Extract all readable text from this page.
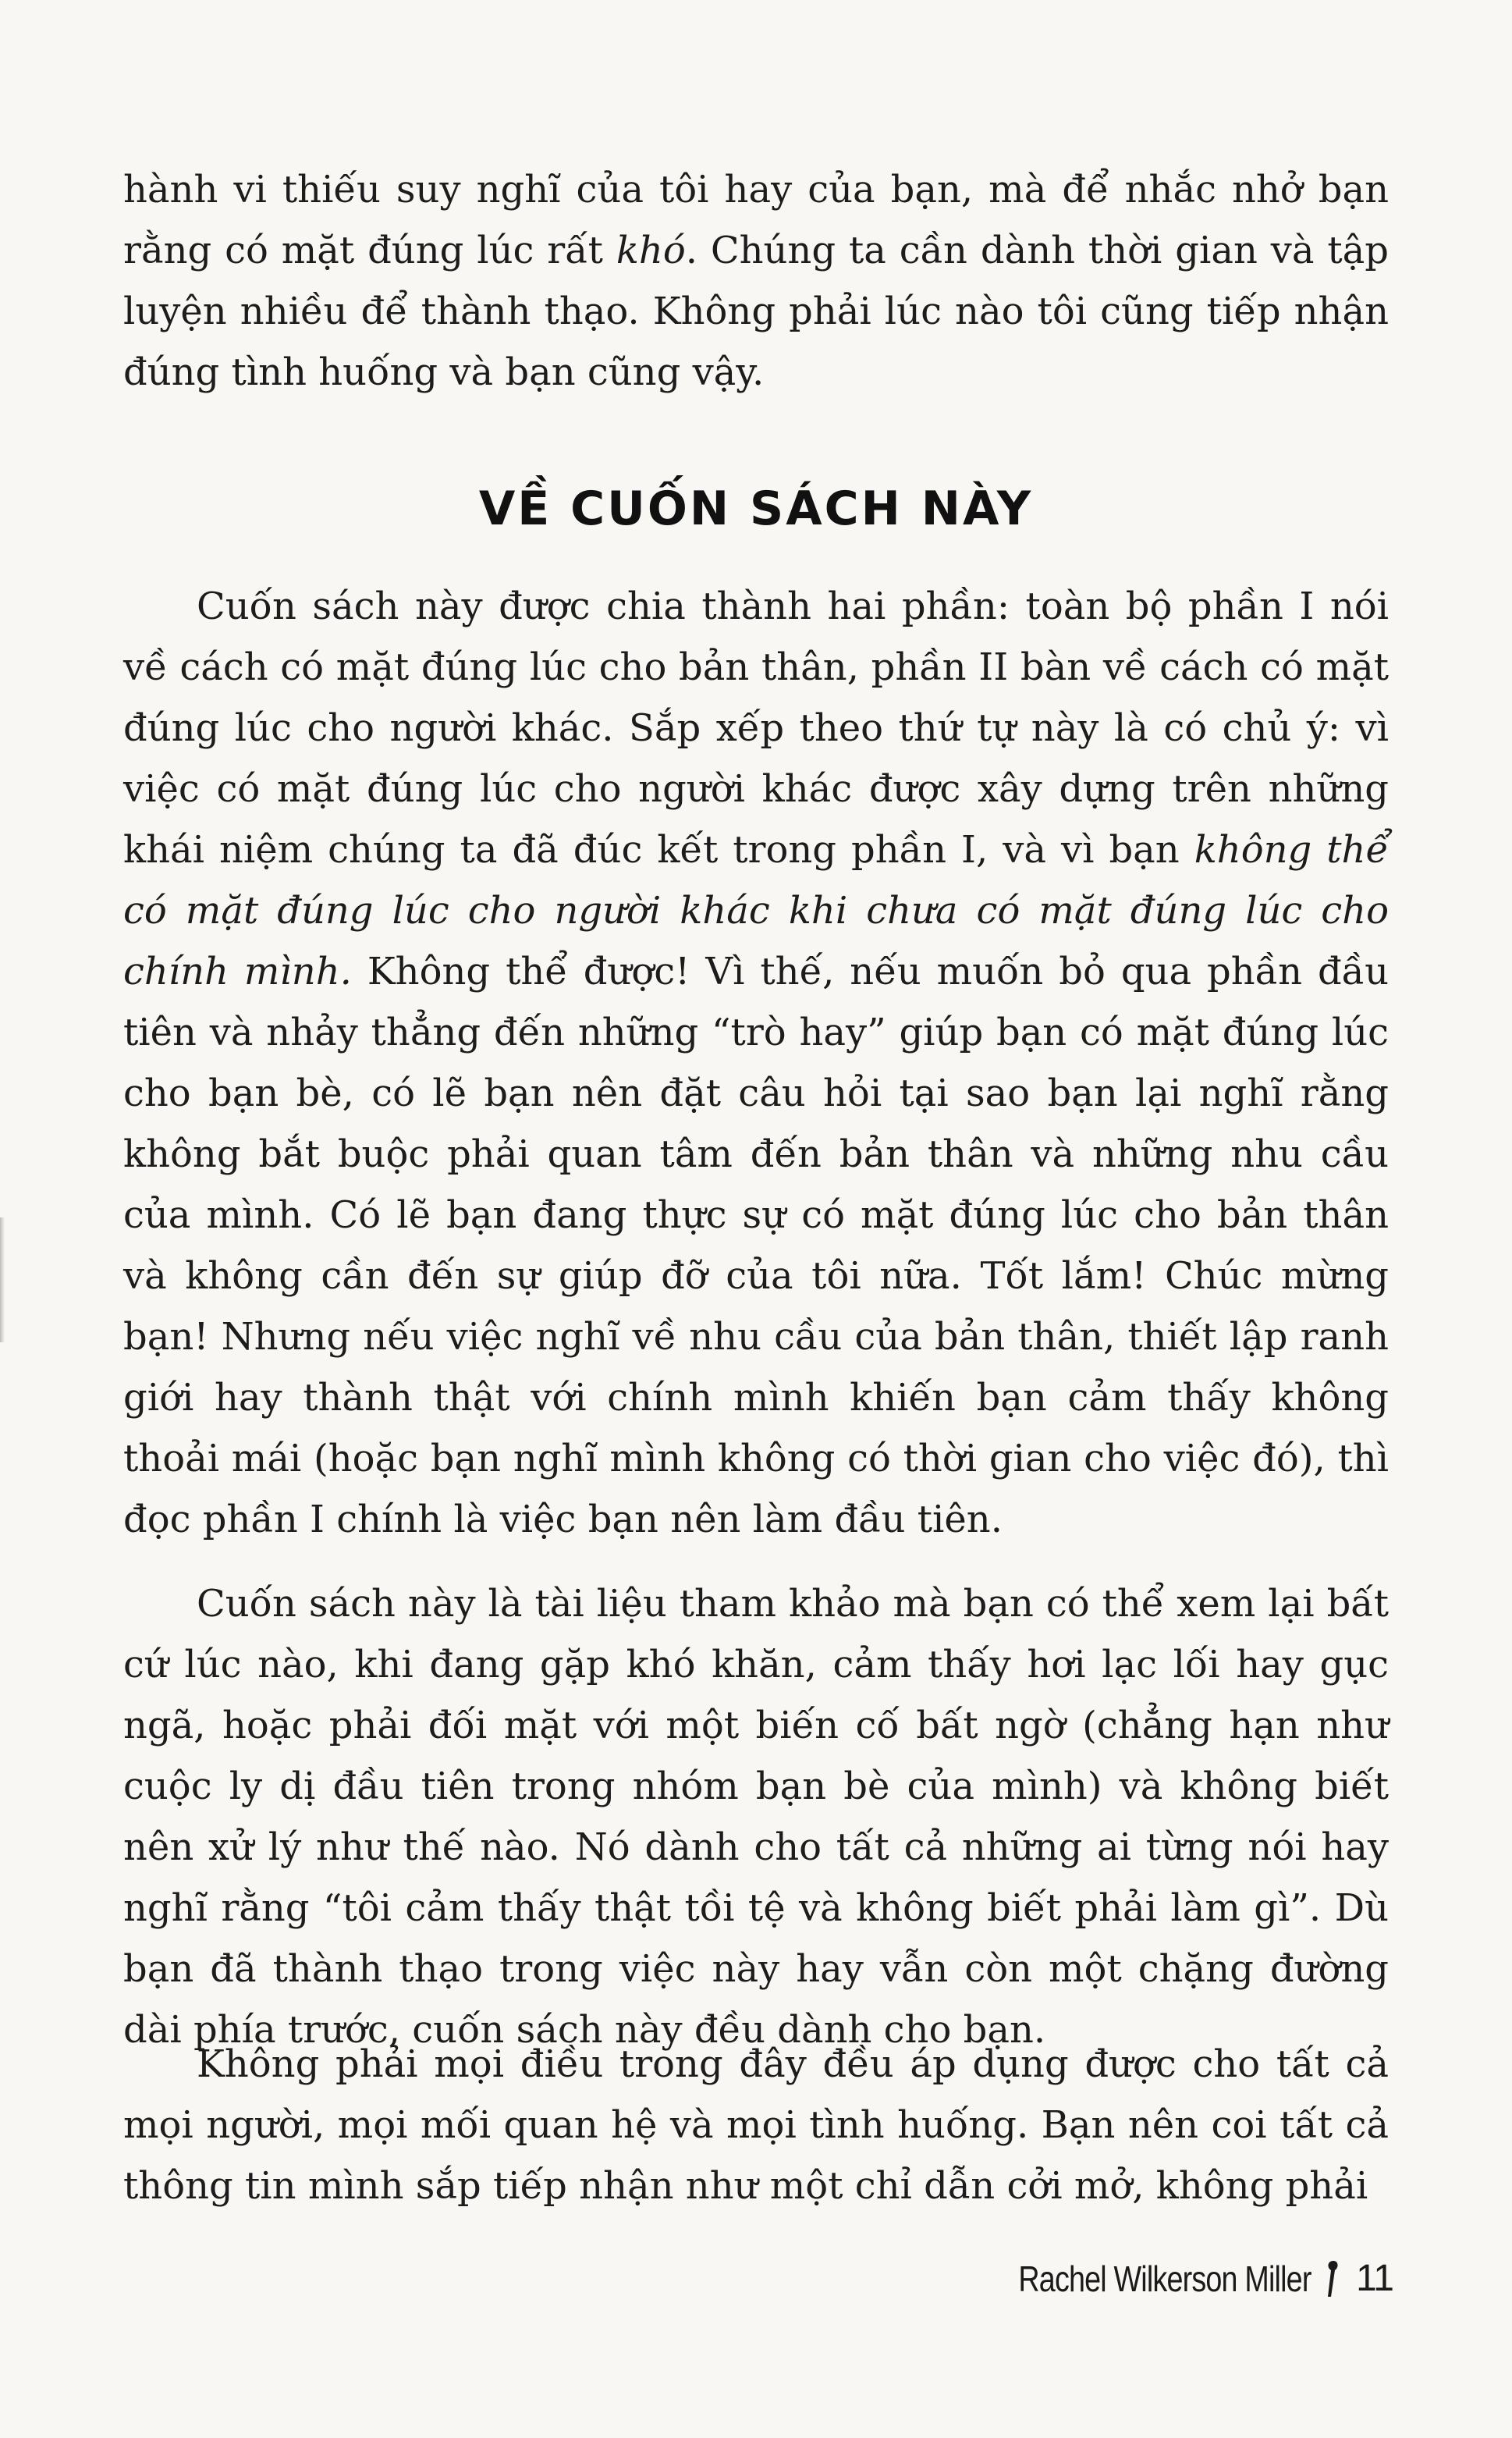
hành vi thiếu suy nghĩ của tôi hay của bạn, mà để nhắc nhở bạn rằng có mặt đúng lúc rất khó. Chúng ta cần dành thời gian và tập luyện nhiều để thành thạo. Không phải lúc nào tôi cũng tiếp nhận đúng tình huống và bạn cũng vậy.

VỀ CUỐN SÁCH NÀY

Cuốn sách này được chia thành hai phần: toàn bộ phần I nói về cách có mặt đúng lúc cho bản thân, phần II bàn về cách có mặt đúng lúc cho người khác. Sắp xếp theo thứ tự này là có chủ ý: vì việc có mặt đúng lúc cho người khác được xây dựng trên những khái niệm chúng ta đã đúc kết trong phần I, và vì bạn không thể có mặt đúng lúc cho người khác khi chưa có mặt đúng lúc cho chính mình. Không thể được! Vì thế, nếu muốn bỏ qua phần đầu tiên và nhảy thẳng đến những “trò hay” giúp bạn có mặt đúng lúc cho bạn bè, có lẽ bạn nên đặt câu hỏi tại sao bạn lại nghĩ rằng không bắt buộc phải quan tâm đến bản thân và những nhu cầu của mình. Có lẽ bạn đang thực sự có mặt đúng lúc cho bản thân và không cần đến sự giúp đỡ của tôi nữa. Tốt lắm! Chúc mừng bạn! Nhưng nếu việc nghĩ về nhu cầu của bản thân, thiết lập ranh giới hay thành thật với chính mình khiến bạn cảm thấy không thoải mái (hoặc bạn nghĩ mình không có thời gian cho việc đó), thì đọc phần I chính là việc bạn nên làm đầu tiên.

Cuốn sách này là tài liệu tham khảo mà bạn có thể xem lại bất cứ lúc nào, khi đang gặp khó khăn, cảm thấy hơi lạc lối hay gục ngã, hoặc phải đối mặt với một biến cố bất ngờ (chẳng hạn như cuộc ly dị đầu tiên trong nhóm bạn bè của mình) và không biết nên xử lý như thế nào. Nó dành cho tất cả những ai từng nói hay nghĩ rằng “tôi cảm thấy thật tồi tệ và không biết phải làm gì”. Dù bạn đã thành thạo trong việc này hay vẫn còn một chặng đường dài phía trước, cuốn sách này đều dành cho bạn.

Không phải mọi điều trong đây đều áp dụng được cho tất cả mọi người, mọi mối quan hệ và mọi tình huống. Bạn nên coi tất cả thông tin mình sắp tiếp nhận như một chỉ dẫn cởi mở, không phải

Rachel Wilkerson Miller 11
